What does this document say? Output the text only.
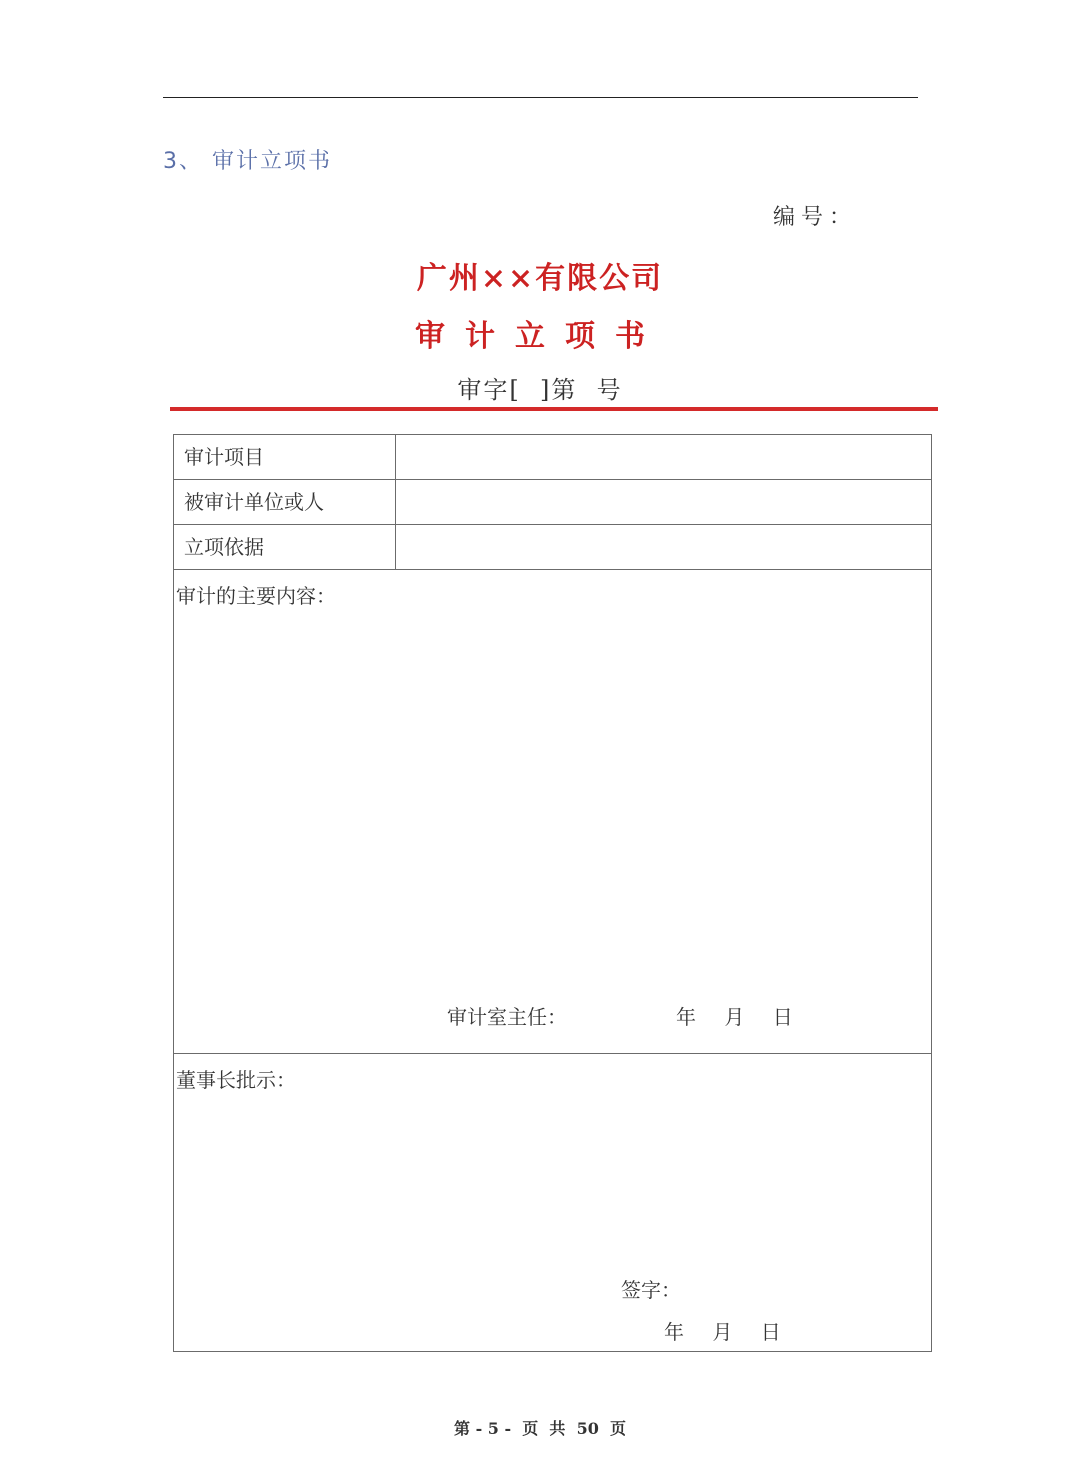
3、 审计立项书
编号：
广州××有限公司
审计立项书
审字[  ]第  号
审计项目
被审计单位或人
立项依据
审计的主要内容：
审计室主任：	年 月 日
董事长批示：
签字：
年 月 日
第 - 5 -  页  共  50  页
